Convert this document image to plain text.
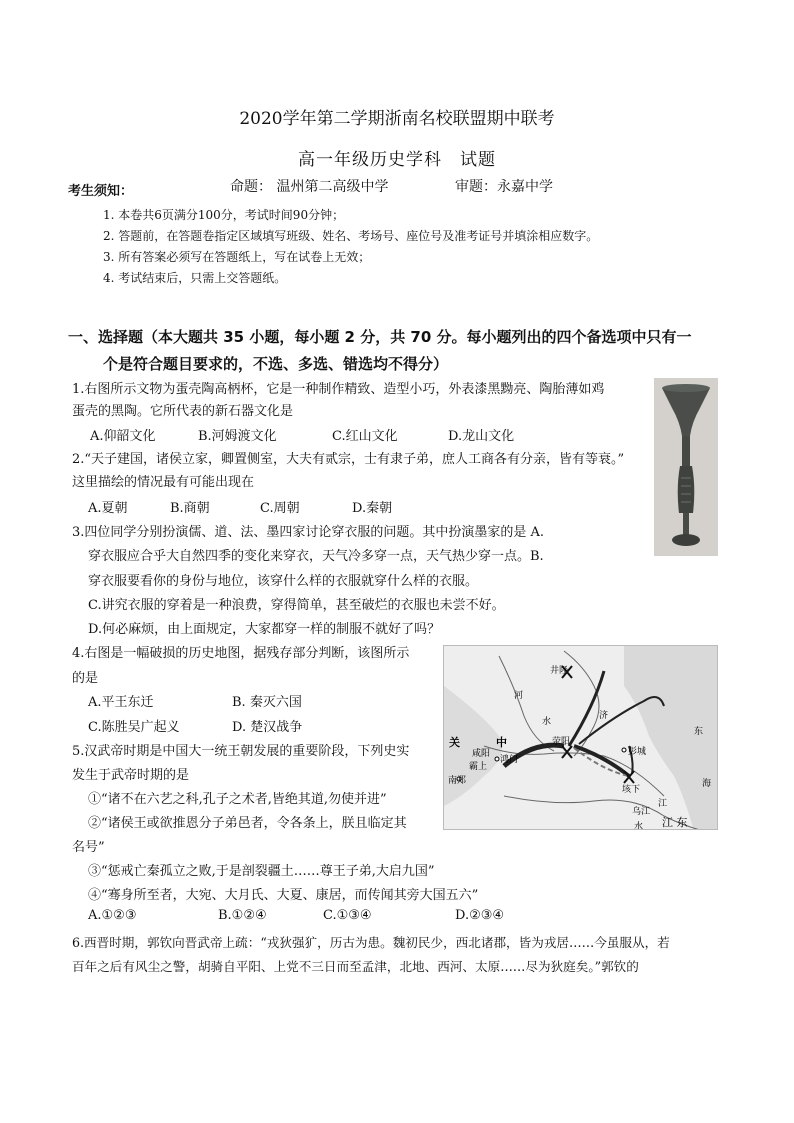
2020学年第二学期浙南名校联盟期中联考
高一年级历史学科　试题
考生须知：	命题： 温州第二高级中学	审题：永嘉中学
1. 本卷共6页满分100分，考试时间90分钟；
2. 答题前，在答题卷指定区域填写班级、姓名、考场号、座位号及准考证号并填涂相应数字。
3. 所有答案必须写在答题纸上，写在试卷上无效；
4. 考试结束后，只需上交答题纸。
一、选择题（本大题共 35 小题，每小题 2 分，共 70 分。每小题列出的四个备选项中只有一
个是符合题目要求的，不选、多选、错选均不得分）
1.右图所示文物为蛋壳陶高柄杯，它是一种制作精致、造型小巧，外表漆黑黝亮、陶胎薄如鸡
蛋壳的黑陶。它所代表的新石器文化是
A.仰韶文化	B.河姆渡文化	C.红山文化	D.龙山文化
2.“天子建国，诸侯立家，卿置侧室，大夫有贰宗，士有隶子弟，庶人工商各有分亲，皆有等衰。”
这里描绘的情况最有可能出现在
A.夏朝	B.商朝	C.周朝	D.秦朝
3.四位同学分别扮演儒、道、法、墨四家讨论穿衣服的问题。其中扮演墨家的是 A.
穿衣服应合乎大自然四季的变化来穿衣，天气冷多穿一点，天气热少穿一点。B.
穿衣服要看你的身份与地位，该穿什么样的衣服就穿什么样的衣服。
C.讲究衣服的穿着是一种浪费，穿得简单，甚至破烂的衣服也未尝不好。
D.何必麻烦，由上面规定，大家都穿一样的制服不就好了吗？
4.右图是一幅破损的历史地图，据残存部分判断，该图所示
的是
A.平王东迁	B. 秦灭六国
C.陈胜吴广起义	D. 楚汉战争
关	中
咸阳
霸上
鸿门
南郑
井陉
河
水
济
荥阳
彭城
垓下
乌江
江 东
东
海
江
水
5.汉武帝时期是中国大一统王朝发展的重要阶段，下列史实
发生于武帝时期的是
①“诸不在六艺之科,孔子之术者,皆绝其道,勿使并进”
②“诸侯王或欲推恩分子弟邑者，令各条上，朕且临定其
名号”
③“惩戒亡秦孤立之败,于是剖裂疆土……尊王子弟,大启九国”
④“骞身所至者，大宛、大月氏、大夏、康居，而传闻其旁大国五六”
A.①②③	B.①②④	C.①③④	D.②③④
6.西晋时期，郭钦向晋武帝上疏：“戎狄强犷，历古为患。魏初民少，西北诸郡，皆为戎居……今虽服从，若
百年之后有风尘之警，胡骑自平阳、上党不三日而至孟津，北地、西河、太原……尽为狄庭矣。”郭钦的
